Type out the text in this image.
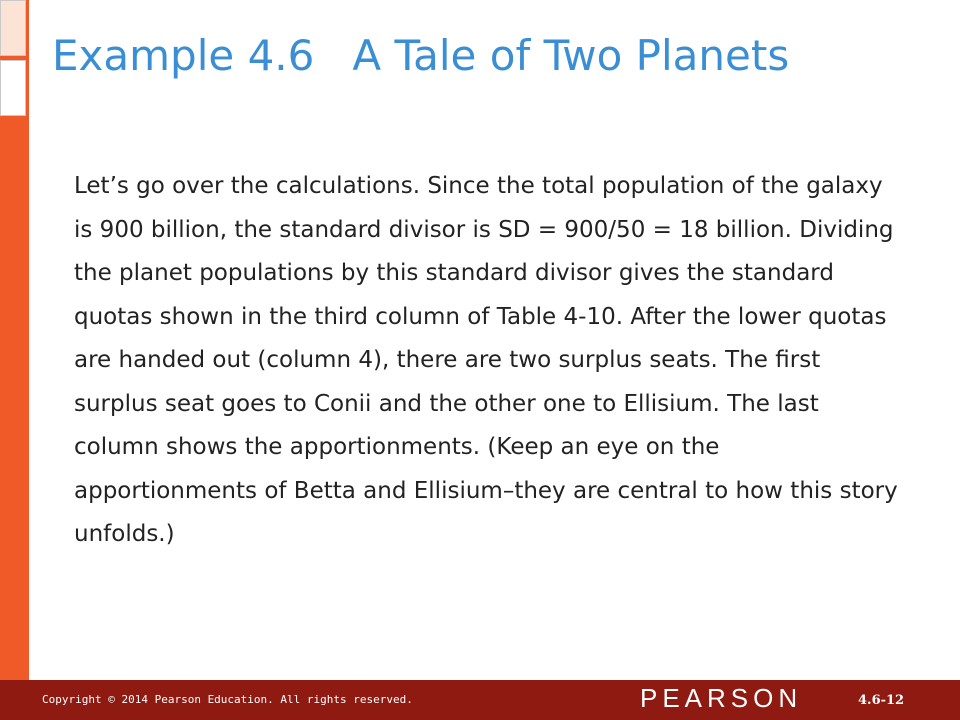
Example 4.6 A Tale of Two Planets

Let’s go over the calculations. Since the total population of the galaxy is 900 billion, the standard divisor is SD = 900/50 = 18 billion. Dividing the planet populations by this standard divisor gives the standard quotas shown in the third column of Table 4-10. After the lower quotas are handed out (column 4), there are two surplus seats. The first surplus seat goes to Conii and the other one to Ellisium. The last column shows the apportionments. (Keep an eye on the apportionments of Betta and Ellisium–they are central to how this story unfolds.)

Copyright © 2014 Pearson Education. All rights reserved.	PEARSON	4.6-12
